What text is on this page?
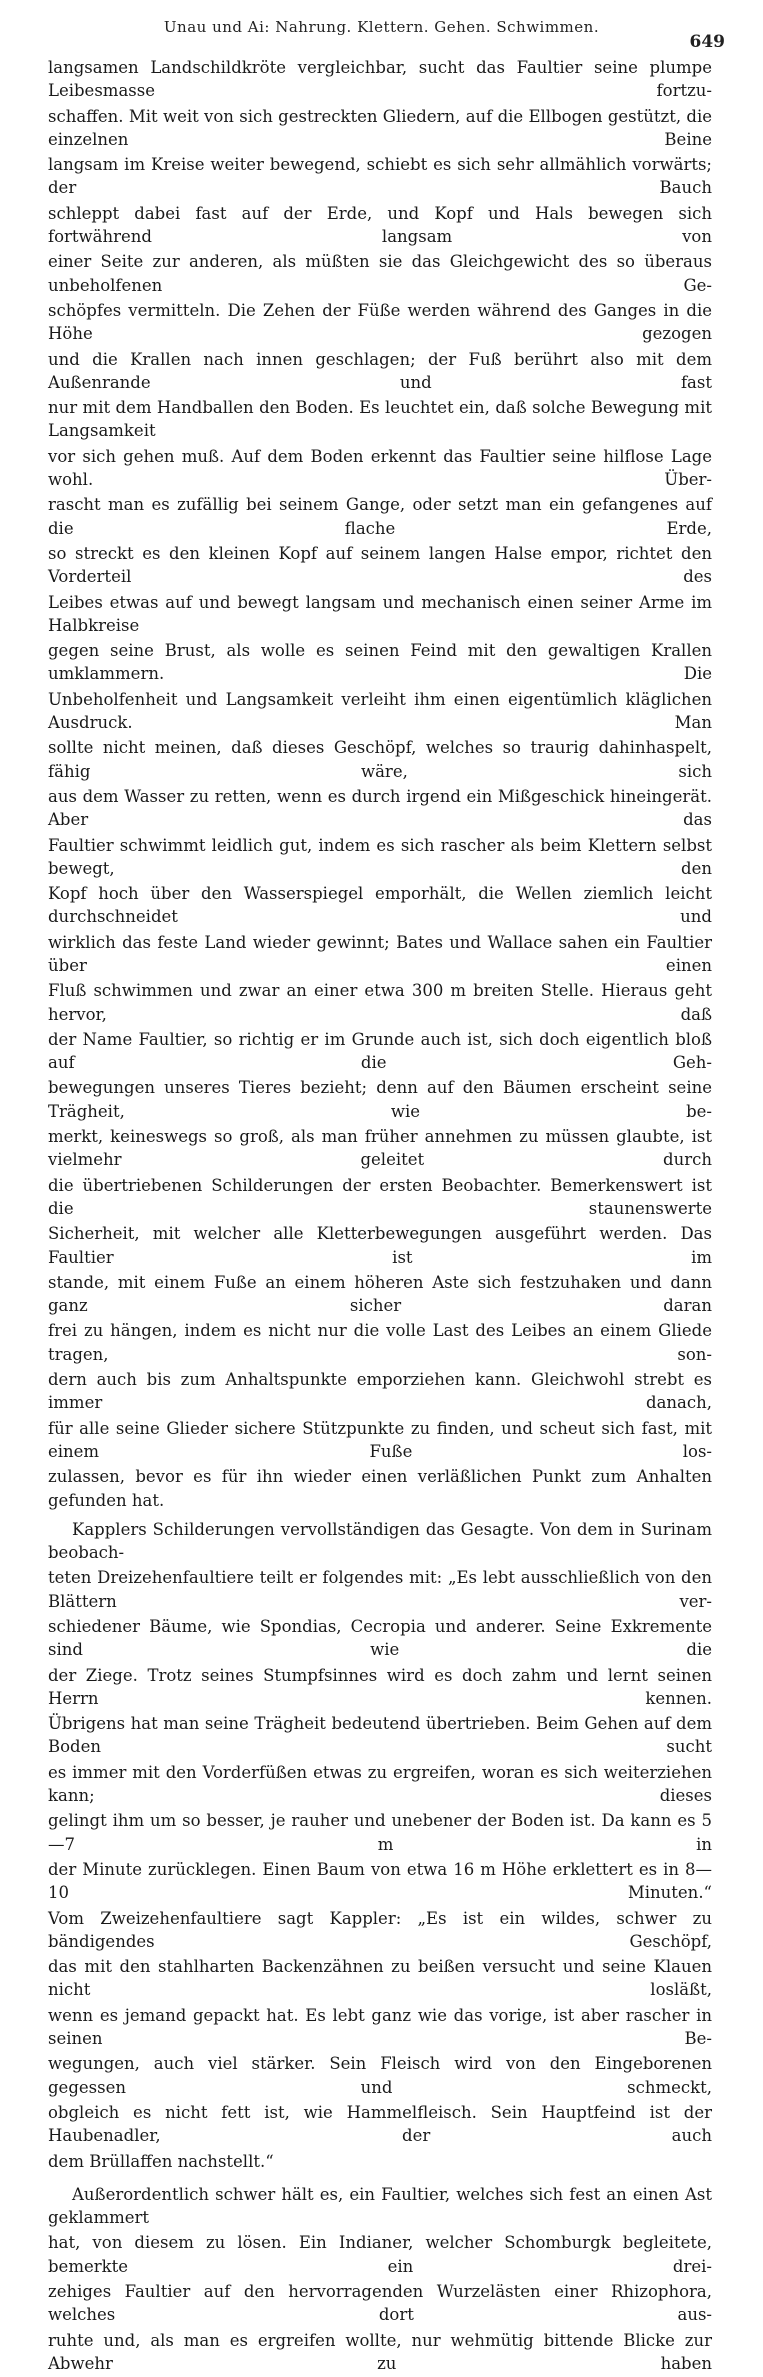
Unau und Ai: Nahrung. Klettern. Gehen. Schwimmen.
649
langsamen Landschildkröte vergleichbar, sucht das Faultier seine plumpe Leibesmasse fortzu-
schaffen. Mit weit von sich gestreckten Gliedern, auf die Ellbogen gestützt, die einzelnen Beine
langsam im Kreise weiter bewegend, schiebt es sich sehr allmählich vorwärts; der Bauch
schleppt dabei fast auf der Erde, und Kopf und Hals bewegen sich fortwährend langsam von
einer Seite zur anderen, als müßten sie das Gleichgewicht des so überaus unbeholfenen Ge-
schöpfes vermitteln. Die Zehen der Füße werden während des Ganges in die Höhe gezogen
und die Krallen nach innen geschlagen; der Fuß berührt also mit dem Außenrande und fast
nur mit dem Handballen den Boden. Es leuchtet ein, daß solche Bewegung mit Langsamkeit
vor sich gehen muß. Auf dem Boden erkennt das Faultier seine hilflose Lage wohl. Über-
rascht man es zufällig bei seinem Gange, oder setzt man ein gefangenes auf die flache Erde,
so streckt es den kleinen Kopf auf seinem langen Halse empor, richtet den Vorderteil des
Leibes etwas auf und bewegt langsam und mechanisch einen seiner Arme im Halbkreise
gegen seine Brust, als wolle es seinen Feind mit den gewaltigen Krallen umklammern. Die
Unbeholfenheit und Langsamkeit verleiht ihm einen eigentümlich kläglichen Ausdruck. Man
sollte nicht meinen, daß dieses Geschöpf, welches so traurig dahinhaspelt, fähig wäre, sich
aus dem Wasser zu retten, wenn es durch irgend ein Mißgeschick hineingerät. Aber das
Faultier schwimmt leidlich gut, indem es sich rascher als beim Klettern selbst bewegt, den
Kopf hoch über den Wasserspiegel emporhält, die Wellen ziemlich leicht durchschneidet und
wirklich das feste Land wieder gewinnt; Bates und Wallace sahen ein Faultier über einen
Fluß schwimmen und zwar an einer etwa 300 m breiten Stelle. Hieraus geht hervor, daß
der Name Faultier, so richtig er im Grunde auch ist, sich doch eigentlich bloß auf die Geh-
bewegungen unseres Tieres bezieht; denn auf den Bäumen erscheint seine Trägheit, wie be-
merkt, keineswegs so groß, als man früher annehmen zu müssen glaubte, ist vielmehr geleitet durch
die übertriebenen Schilderungen der ersten Beobachter. Bemerkenswert ist die staunenswerte
Sicherheit, mit welcher alle Kletterbewegungen ausgeführt werden. Das Faultier ist im
stande, mit einem Fuße an einem höheren Aste sich festzuhaken und dann ganz sicher daran
frei zu hängen, indem es nicht nur die volle Last des Leibes an einem Gliede tragen, son-
dern auch bis zum Anhaltspunkte emporziehen kann. Gleichwohl strebt es immer danach,
für alle seine Glieder sichere Stützpunkte zu finden, und scheut sich fast, mit einem Fuße los-
zulassen, bevor es für ihn wieder einen verläßlichen Punkt zum Anhalten gefunden hat.
Kapplers Schilderungen vervollständigen das Gesagte. Von dem in Surinam beobach-
teten Dreizehenfaultiere teilt er folgendes mit: „Es lebt ausschließlich von den Blättern ver-
schiedener Bäume, wie Spondias, Cecropia und anderer. Seine Exkremente sind wie die
der Ziege. Trotz seines Stumpfsinnes wird es doch zahm und lernt seinen Herrn kennen.
Übrigens hat man seine Trägheit bedeutend übertrieben. Beim Gehen auf dem Boden sucht
es immer mit den Vorderfüßen etwas zu ergreifen, woran es sich weiterziehen kann; dieses
gelingt ihm um so besser, je rauher und unebener der Boden ist. Da kann es 5—7 m in
der Minute zurücklegen. Einen Baum von etwa 16 m Höhe erklettert es in 8—10 Minuten.“
Vom Zweizehenfaultiere sagt Kappler: „Es ist ein wildes, schwer zu bändigendes Geschöpf,
das mit den stahlharten Backenzähnen zu beißen versucht und seine Klauen nicht losläßt,
wenn es jemand gepackt hat. Es lebt ganz wie das vorige, ist aber rascher in seinen Be-
wegungen, auch viel stärker. Sein Fleisch wird von den Eingeborenen gegessen und schmeckt,
obgleich es nicht fett ist, wie Hammelfleisch. Sein Hauptfeind ist der Haubenadler, der auch
dem Brüllaffen nachstellt.“
Außerordentlich schwer hält es, ein Faultier, welches sich fest an einen Ast geklammert
hat, von diesem zu lösen. Ein Indianer, welcher Schomburgk begleitete, bemerkte ein drei-
zehiges Faultier auf den hervorragenden Wurzelästen einer Rhizophora, welches dort aus-
ruhte und, als man es ergreifen wollte, nur wehmütig bittende Blicke zur Abwehr zu haben
